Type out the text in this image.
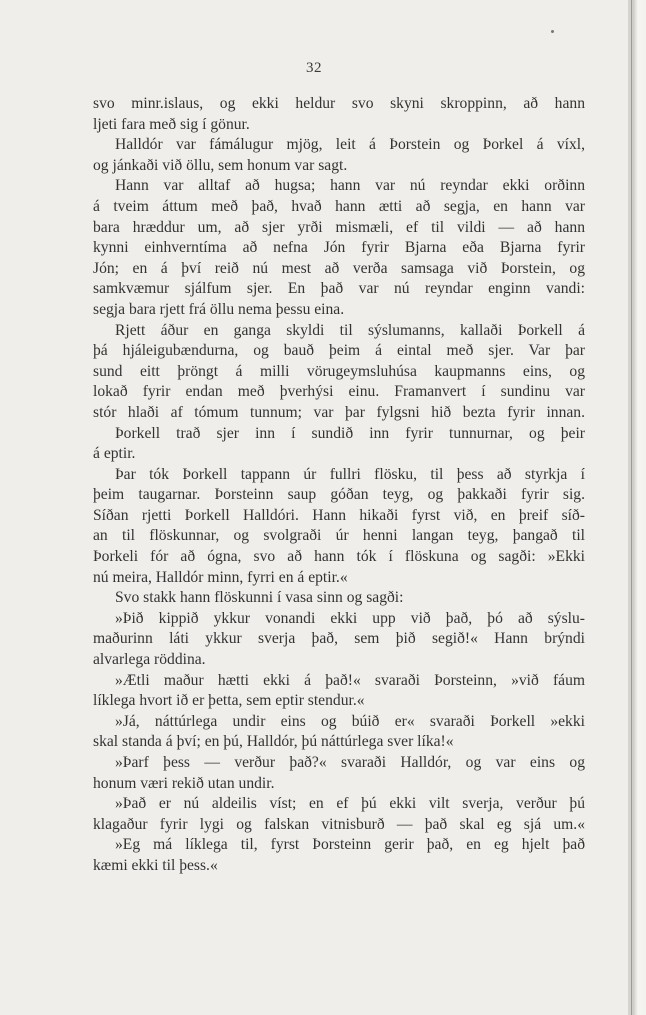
32
svo minr.islaus, og ekki heldur svo skyni skroppinn, að hann
ljeti fara með sig í gönur.
Halldór var fámálugur mjög, leit á Þorstein og Þorkel á víxl,
og jánkaði við öllu, sem honum var sagt.
Hann var alltaf að hugsa; hann var nú reyndar ekki orðinn
á tveim áttum með það, hvað hann ætti að segja, en hann var
bara hræddur um, að sjer yrði mismæli, ef til vildi — að hann
kynni einhverntíma að nefna Jón fyrir Bjarna eða Bjarna fyrir
Jón; en á því reið nú mest að verða samsaga við Þorstein, og
samkvæmur sjálfum sjer. En það var nú reyndar enginn vandi:
segja bara rjett frá öllu nema þessu eina.
Rjett áður en ganga skyldi til sýslumanns, kallaði Þorkell á
þá hjáleigubændurna, og bauð þeim á eintal með sjer. Var þar
sund eitt þröngt á milli vörugeymsluhúsa kaupmanns eins, og
lokað fyrir endan með þverhýsi einu. Framanvert í sundinu var
stór hlaði af tómum tunnum; var þar fylgsni hið bezta fyrir innan.
Þorkell trað sjer inn í sundið inn fyrir tunnurnar, og þeir
á eptir.
Þar tók Þorkell tappann úr fullri flösku, til þess að styrkja í
þeim taugarnar. Þorsteinn saup góðan teyg, og þakkaði fyrir sig.
Síðan rjetti Þorkell Halldóri. Hann hikaði fyrst við, en þreif síð-
an til flöskunnar, og svolgraði úr henni langan teyg, þangað til
Þorkeli fór að ógna, svo að hann tók í flöskuna og sagði: »Ekki
nú meira, Halldór minn, fyrri en á eptir.«
Svo stakk hann flöskunni í vasa sinn og sagði:
»Þið kippið ykkur vonandi ekki upp við það, þó að sýslu-
maðurinn láti ykkur sverja það, sem þið segið!« Hann brýndi
alvarlega röddina.
»Ætli maður hætti ekki á það!« svaraði Þorsteinn, »við fáum
líklega hvort ið er þetta, sem eptir stendur.«
»Já, náttúrlega undir eins og búið er« svaraði Þorkell »ekki
skal standa á því; en þú, Halldór, þú náttúrlega sver líka!«
»Þarf þess — verður það?« svaraði Halldór, og var eins og
honum væri rekið utan undir.
»Það er nú aldeilis víst; en ef þú ekki vilt sverja, verður þú
klagaður fyrir lygi og falskan vitnisburð — það skal eg sjá um.«
»Eg má líklega til, fyrst Þorsteinn gerir það, en eg hjelt það
kæmi ekki til þess.«
